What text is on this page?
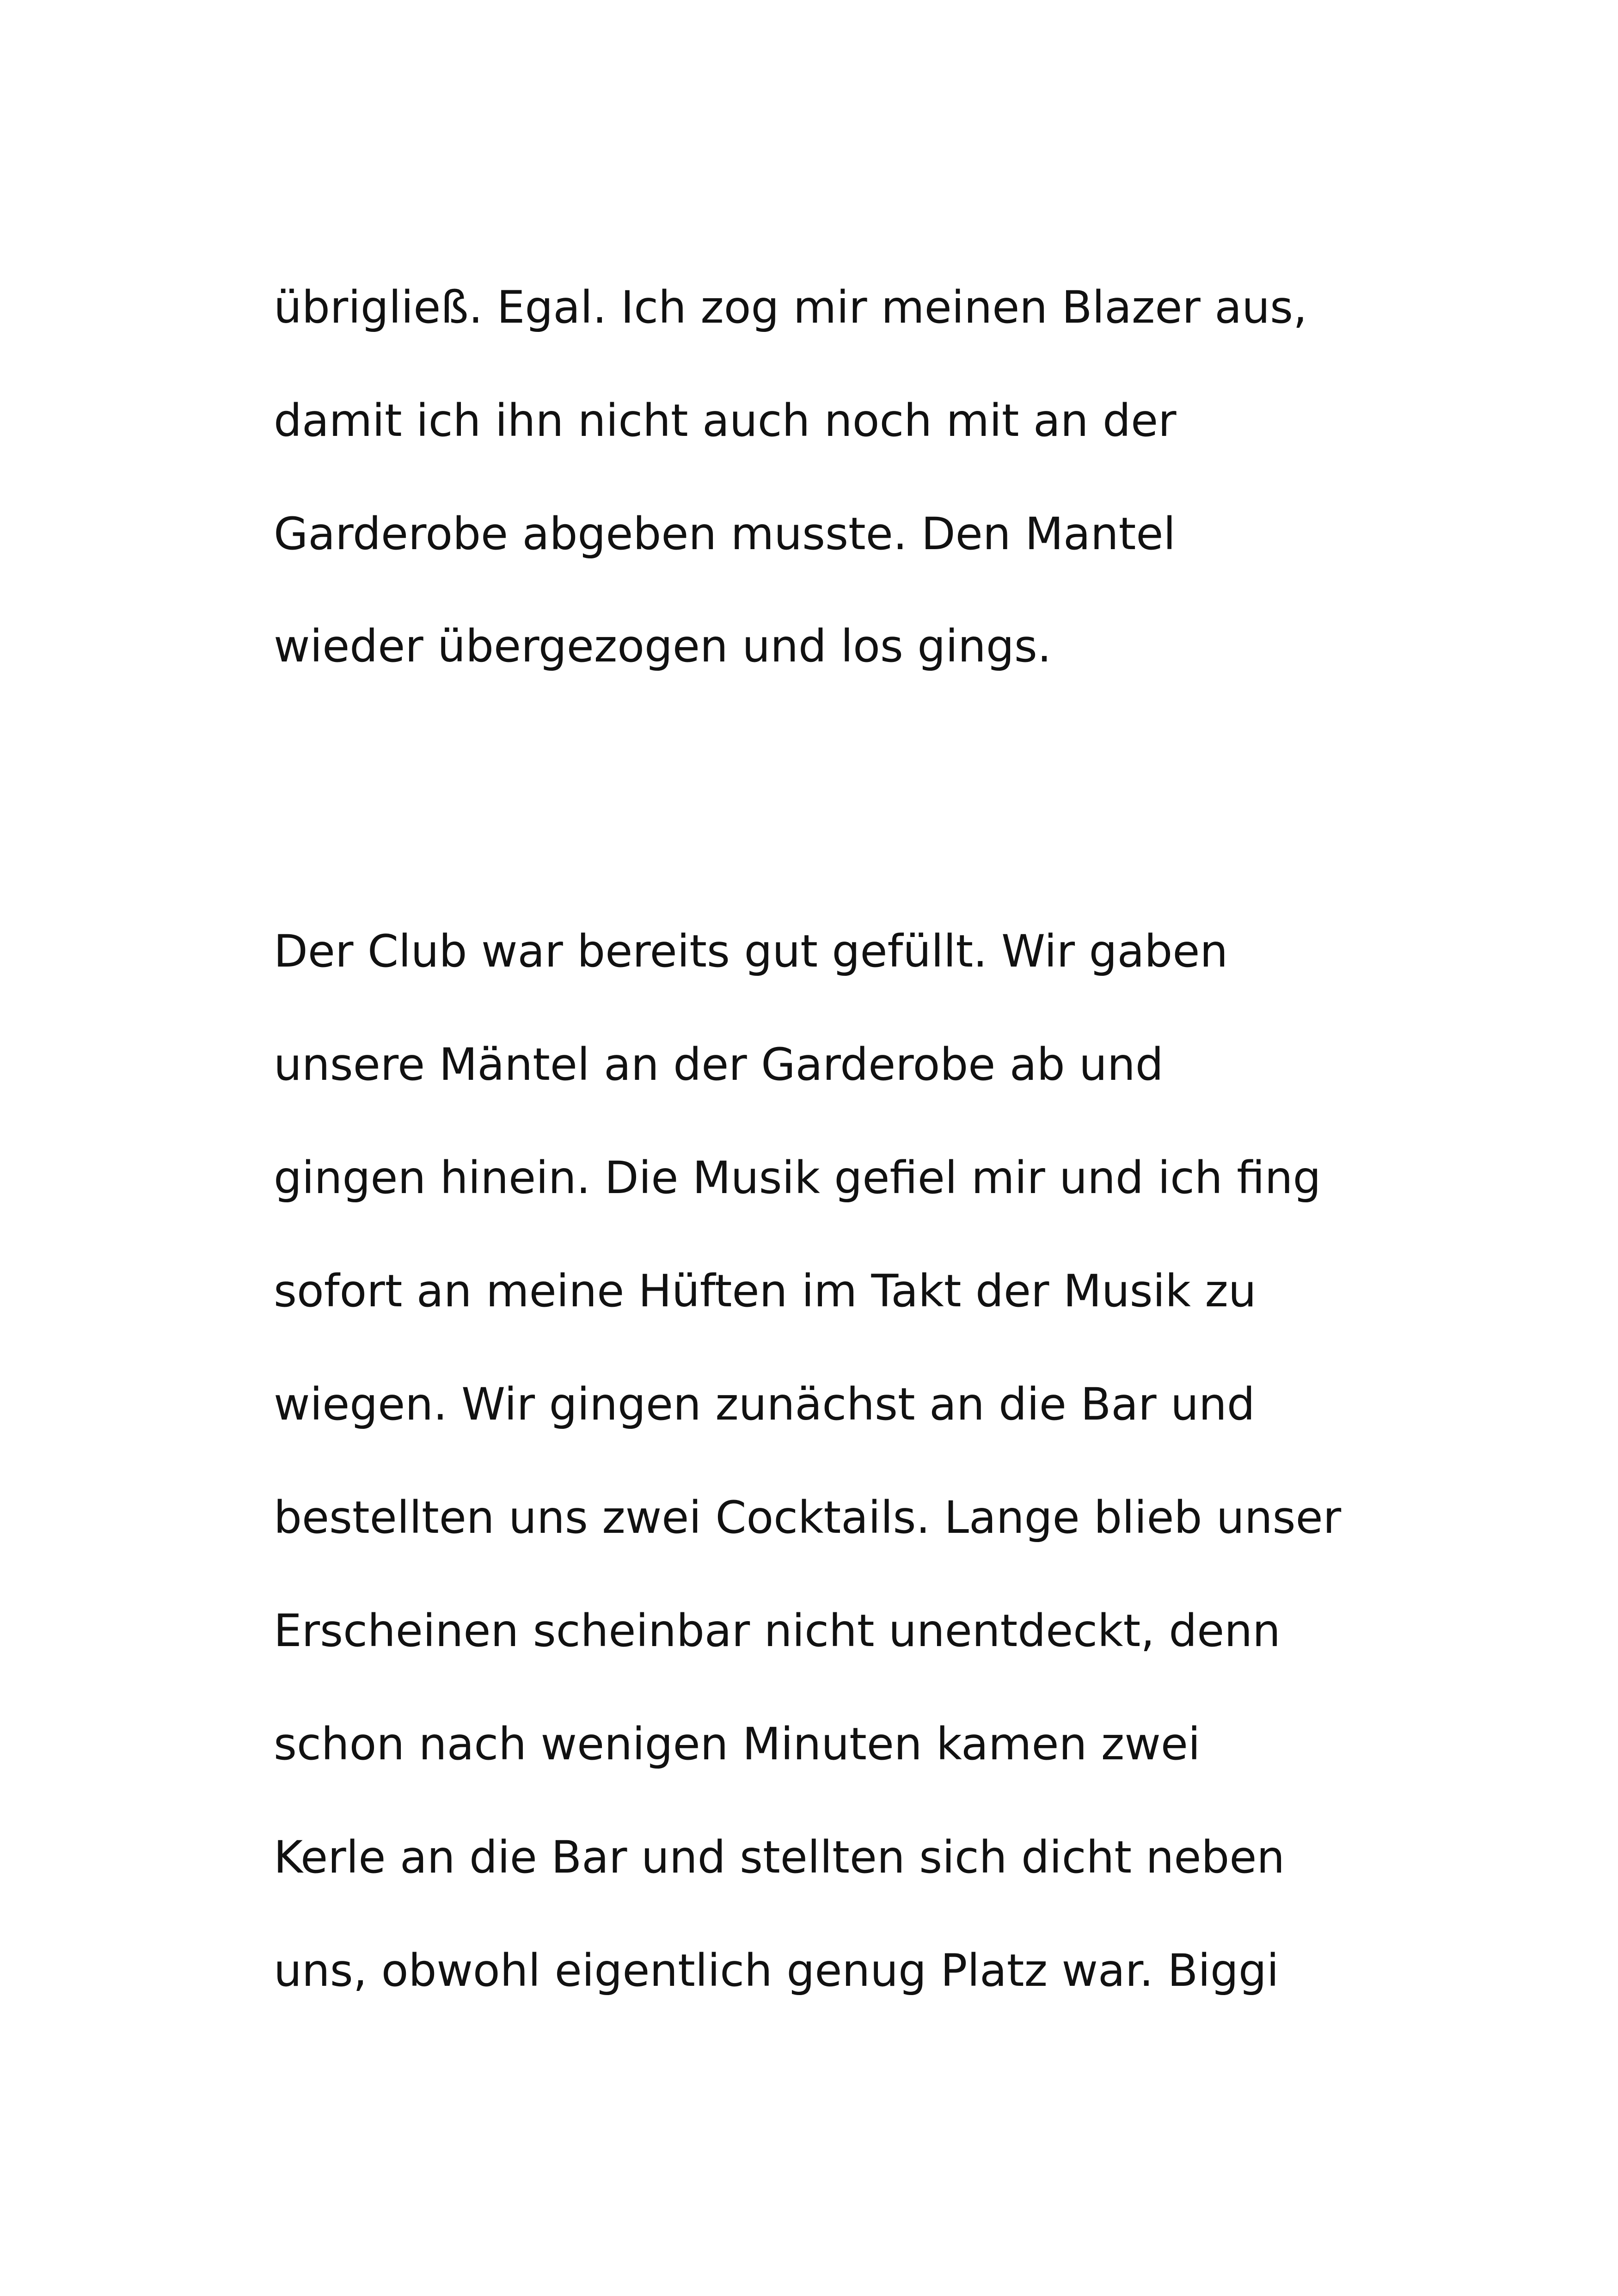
übrigließ. Egal. Ich zog mir meinen Blazer aus,
damit ich ihn nicht auch noch mit an der
Garderobe abgeben musste. Den Mantel
wieder übergezogen und los gings.
Der Club war bereits gut gefüllt. Wir gaben
unsere Mäntel an der Garderobe ab und
gingen hinein. Die Musik gefiel mir und ich fing
sofort an meine Hüften im Takt der Musik zu
wiegen. Wir gingen zunächst an die Bar und
bestellten uns zwei Cocktails. Lange blieb unser
Erscheinen scheinbar nicht unentdeckt, denn
schon nach wenigen Minuten kamen zwei
Kerle an die Bar und stellten sich dicht neben
uns, obwohl eigentlich genug Platz war. Biggi
